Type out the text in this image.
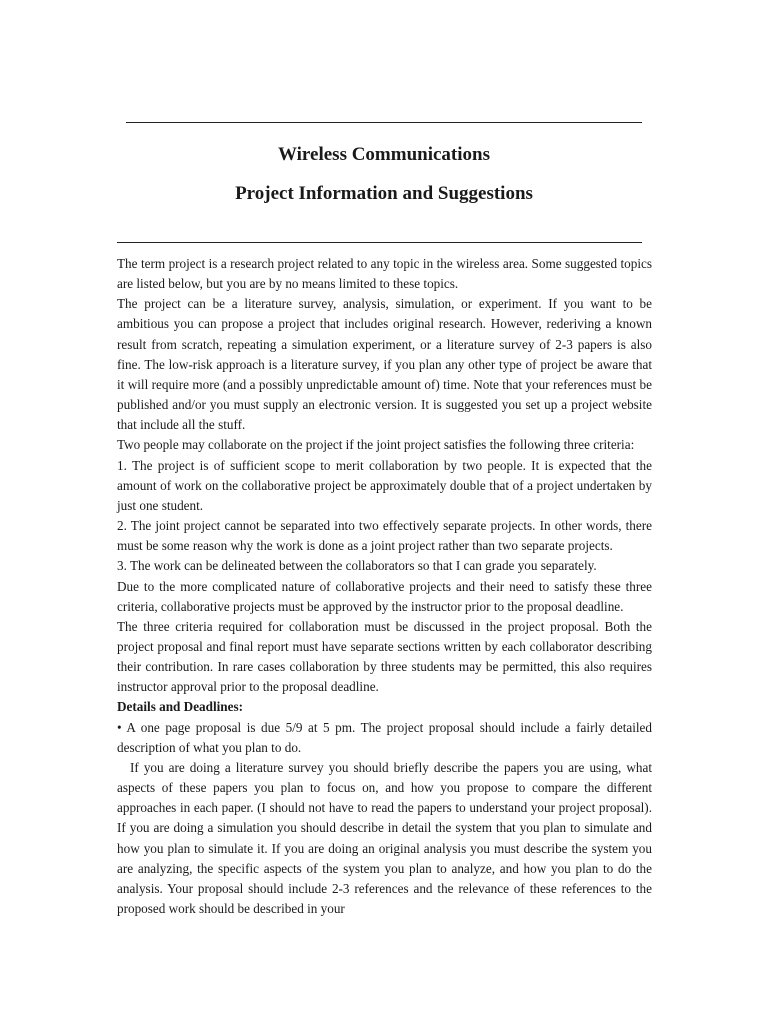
Wireless Communications
Project Information and Suggestions

The term project is a research project related to any topic in the wireless area. Some suggested topics are listed below, but you are by no means limited to these topics.

The project can be a literature survey, analysis, simulation, or experiment. If you want to be ambitious you can propose a project that includes original research. However, rederiving a known result from scratch, repeating a simulation experiment, or a literature survey of 2-3 papers is also fine. The low-risk approach is a literature survey, if you plan any other type of project be aware that it will require more (and a possibly unpredictable amount of) time. Note that your references must be published and/or you must supply an electronic version. It is suggested you set up a project website that include all the stuff.

Two people may collaborate on the project if the joint project satisfies the following three criteria:

1. The project is of sufficient scope to merit collaboration by two people. It is expected that the amount of work on the collaborative project be approximately double that of a project undertaken by just one student.

2. The joint project cannot be separated into two effectively separate projects. In other words, there must be some reason why the work is done as a joint project rather than two separate projects.

3. The work can be delineated between the collaborators so that I can grade you separately.

Due to the more complicated nature of collaborative projects and their need to satisfy these three criteria, collaborative projects must be approved by the instructor prior to the proposal deadline.

The three criteria required for collaboration must be discussed in the project proposal. Both the project proposal and final report must have separate sections written by each collaborator describing their contribution. In rare cases collaboration by three students may be permitted, this also requires instructor approval prior to the proposal deadline.

Details and Deadlines:

• A one page proposal is due 5/9 at 5 pm. The project proposal should include a fairly detailed description of what you plan to do.

If you are doing a literature survey you should briefly describe the papers you are using, what aspects of these papers you plan to focus on, and how you propose to compare the different approaches in each paper. (I should not have to read the papers to understand your project proposal). If you are doing a simulation you should describe in detail the system that you plan to simulate and how you plan to simulate it. If you are doing an original analysis you must describe the system you are analyzing, the specific aspects of the system you plan to analyze, and how you plan to do the analysis. Your proposal should include 2-3 references and the relevance of these references to the proposed work should be described in your
